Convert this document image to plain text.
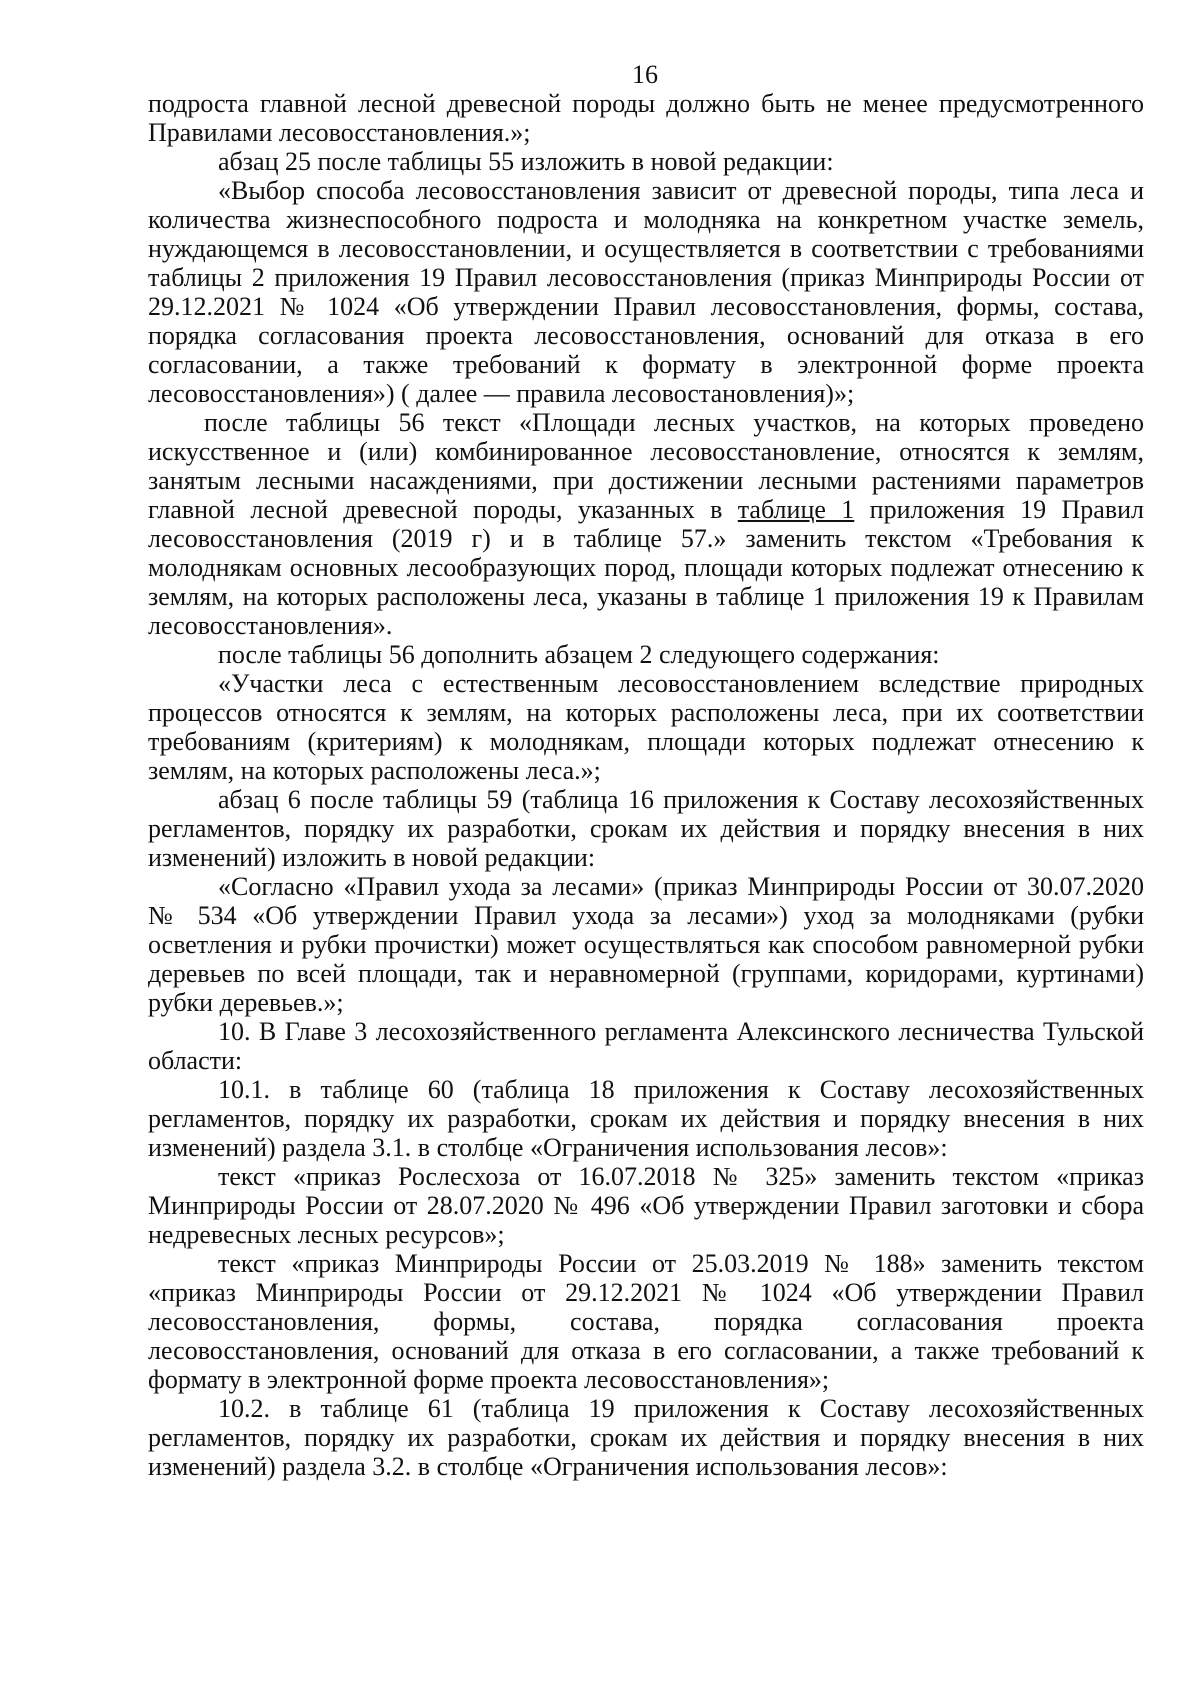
16

подроста главной лесной древесной породы должно быть не менее предусмотренного Правилами лесовосстановления.»;

абзац 25 после таблицы 55 изложить в новой редакции:

«Выбор способа лесовосстановления зависит от древесной породы, типа леса и количества жизнеспособного подроста и молодняка на конкретном участке земель, нуждающемся в лесовосстановлении, и осуществляется в соответствии с требованиями таблицы 2 приложения 19 Правил лесовосстановления (приказ Минприроды России от 29.12.2021 № 1024 «Об утверждении Правил лесовосстановления, формы, состава, порядка согласования проекта лесовосстановления, оснований для отказа в его согласовании, а также требований к формату в электронной форме проекта лесовосстановления») ( далее — правила лесовостановления)»;

после таблицы 56 текст «Площади лесных участков, на которых проведено искусственное и (или) комбинированное лесовосстановление, относятся к землям, занятым лесными насаждениями, при достижении лесными растениями параметров главной лесной древесной породы, указанных в таблице 1 приложения 19 Правил лесовосстановления (2019 г) и в таблице 57.» заменить текстом «Требования к молоднякам основных лесообразующих пород, площади которых подлежат отнесению к землям, на которых расположены леса, указаны в таблице 1 приложения 19 к Правилам лесовосстановления».

после таблицы 56 дополнить абзацем 2 следующего содержания:

«Участки леса с естественным лесовосстановлением вследствие природных процессов относятся к землям, на которых расположены леса, при их соответствии требованиям (критериям) к молоднякам, площади которых подлежат отнесению к землям, на которых расположены леса.»;

абзац 6 после таблицы 59 (таблица 16 приложения к Составу лесохозяйственных регламентов, порядку их разработки, срокам их действия и порядку внесения в них изменений) изложить в новой редакции:

«Согласно «Правил ухода за лесами» (приказ Минприроды России от 30.07.2020 № 534 «Об утверждении Правил ухода за лесами») уход за молодняками (рубки осветления и рубки прочистки) может осуществляться как способом равномерной рубки деревьев по всей площади, так и неравномерной (группами, коридорами, куртинами) рубки деревьев.»;

10. В Главе 3 лесохозяйственного регламента Алексинского лесничества Тульской области:

10.1. в таблице 60 (таблица 18 приложения к Составу лесохозяйственных регламентов, порядку их разработки, срокам их действия и порядку внесения в них изменений) раздела 3.1. в столбце «Ограничения использования лесов»:

текст «приказ Рослесхоза от 16.07.2018 № 325» заменить текстом «приказ Минприроды России от 28.07.2020 № 496 «Об утверждении Правил заготовки и сбора недревесных лесных ресурсов»;

текст «приказ Минприроды России от 25.03.2019 № 188» заменить текстом «приказ Минприроды России от 29.12.2021 № 1024 «Об утверждении Правил лесовосстановления, формы, состава, порядка согласования проекта лесовосстановления, оснований для отказа в его согласовании, а также требований к формату в электронной форме проекта лесовосстановления»;

10.2. в таблице 61 (таблица 19 приложения к Составу лесохозяйственных регламентов, порядку их разработки, срокам их действия и порядку внесения в них изменений) раздела 3.2. в столбце «Ограничения использования лесов»:
